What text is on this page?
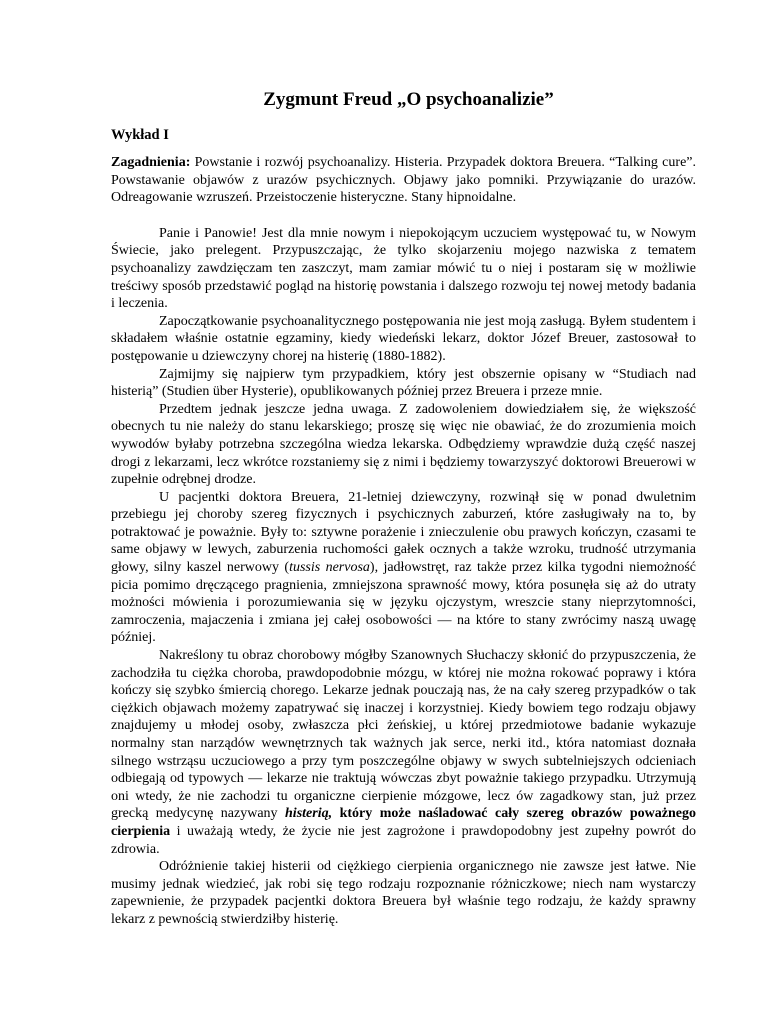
Zygmunt Freud „O psychoanalizie”
Wykład I

Zagadnienia: Powstanie i rozwój psychoanalizy. Histeria. Przypadek doktora Breuera. “Talking cure”. Powstawanie objawów z urazów psychicznych. Objawy jako pomniki. Przywiązanie do urazów. Odreagowanie wzruszeń. Przeistoczenie histeryczne. Stany hipnoidalne.

Panie i Panowie! Jest dla mnie nowym i niepokojącym uczuciem występować tu, w Nowym Świecie, jako prelegent. Przypuszczając, że tylko skojarzeniu mojego nazwiska z tematem psychoanalizy zawdzięczam ten zaszczyt, mam zamiar mówić tu o niej i postaram się w możliwie treściwy sposób przedstawić pogląd na historię powstania i dalszego rozwoju tej nowej metody badania i leczenia.

Zapoczątkowanie psychoanalitycznego postępowania nie jest moją zasługą. Byłem studentem i składałem właśnie ostatnie egzaminy, kiedy wiedeński lekarz, doktor Józef Breuer, zastosował to postępowanie u dziewczyny chorej na histerię (1880-1882).

Zajmijmy się najpierw tym przypadkiem, który jest obszernie opisany w “Studiach nad histerią” (Studien über Hysterie), opublikowanych później przez Breuera i przeze mnie.

Przedtem jednak jeszcze jedna uwaga. Z zadowoleniem dowiedziałem się, że większość obecnych tu nie należy do stanu lekarskiego; proszę się więc nie obawiać, że do zrozumienia moich wywodów byłaby potrzebna szczególna wiedza lekarska. Odbędziemy wprawdzie dużą część naszej drogi z lekarzami, lecz wkrótce rozstaniemy się z nimi i będziemy towarzyszyć doktorowi Breuerowi w zupełnie odrębnej drodze.

U pacjentki doktora Breuera, 21-letniej dziewczyny, rozwinął się w ponad dwuletnim przebiegu jej choroby szereg fizycznych i psychicznych zaburzeń, które zasługiwały na to, by potraktować je poważnie. Były to: sztywne porażenie i znieczulenie obu prawych kończyn, czasami te same objawy w lewych, zaburzenia ruchomości gałek ocznych a także wzroku, trudność utrzymania głowy, silny kaszel nerwowy (tussis nervosa), jadłowstręt, raz także przez kilka tygodni niemożność picia pomimo dręczącego pragnienia, zmniejszona sprawność mowy, która posunęła się aż do utraty możności mówienia i porozumiewania się w języku ojczystym, wreszcie stany nieprzytomności, zamroczenia, majaczenia i zmiana jej całej osobowości — na które to stany zwrócimy naszą uwagę później.

Nakreślony tu obraz chorobowy mógłby Szanownych Słuchaczy skłonić do przypuszczenia, że zachodziła tu ciężka choroba, prawdopodobnie mózgu, w której nie można rokować poprawy i która kończy się szybko śmiercią chorego. Lekarze jednak pouczają nas, że na cały szereg przypadków o tak ciężkich objawach możemy zapatrywać się inaczej i korzystniej. Kiedy bowiem tego rodzaju objawy znajdujemy u młodej osoby, zwłaszcza płci żeńskiej, u której przedmiotowe badanie wykazuje normalny stan narządów wewnętrznych tak ważnych jak serce, nerki itd., która natomiast doznała silnego wstrząsu uczuciowego a przy tym poszczególne objawy w swych subtelniejszych odcieniach odbiegają od typowych — lekarze nie traktują wówczas zbyt poważnie takiego przypadku. Utrzymują oni wtedy, że nie zachodzi tu organiczne cierpienie mózgowe, lecz ów zagadkowy stan, już przez grecką medycynę nazywany histerią, który może naśladować cały szereg obrazów poważnego cierpienia i uważają wtedy, że życie nie jest zagrożone i prawdopodobny jest zupełny powrót do zdrowia.

Odróżnienie takiej histerii od ciężkiego cierpienia organicznego nie zawsze jest łatwe. Nie musimy jednak wiedzieć, jak robi się tego rodzaju rozpoznanie różniczkowe; niech nam wystarczy zapewnienie, że przypadek pacjentki doktora Breuera był właśnie tego rodzaju, że każdy sprawny lekarz z pewnością stwierdziłby histerię.
